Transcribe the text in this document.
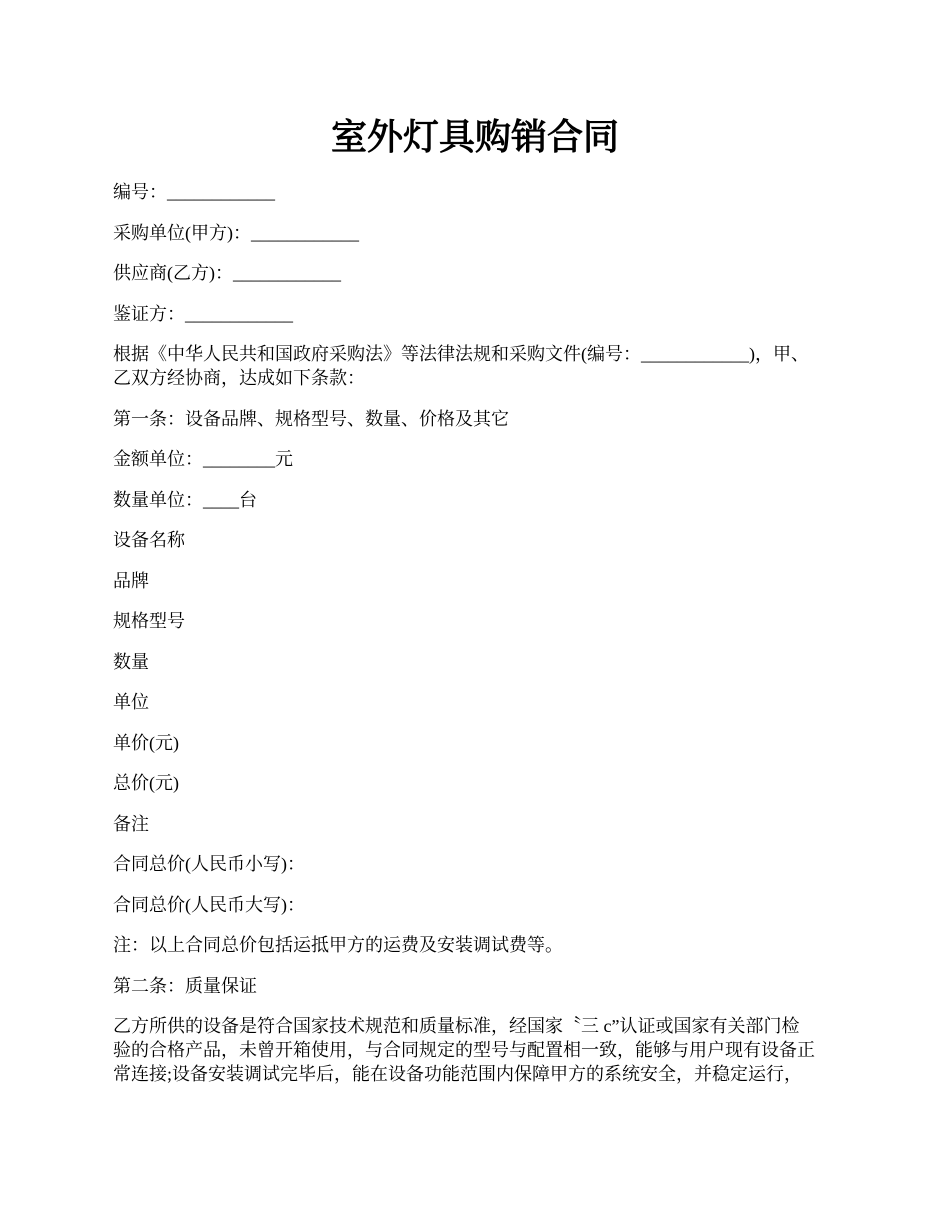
室外灯具购销合同

编号：____________

采购单位(甲方)：____________

供应商(乙方)：____________

鉴证方：____________

根据《中华人民共和国政府采购法》等法律法规和采购文件(编号：____________)，甲、
乙双方经协商，达成如下条款：

第一条：设备品牌、规格型号、数量、价格及其它

金额单位：________元

数量单位：____台

设备名称

品牌

规格型号

数量

单位

单价(元)

总价(元)

备注

合同总价(人民币小写)：

合同总价(人民币大写)：

注：以上合同总价包括运抵甲方的运费及安装调试费等。

第二条：质量保证

乙方所供的设备是符合国家技术规范和质量标准，经国家〝三 c”认证或国家有关部门检
验的合格产品，未曾开箱使用，与合同规定的型号与配置相一致，能够与用户现有设备正
常连接;设备安装调试完毕后，能在设备功能范围内保障甲方的系统安全，并稳定运行，
